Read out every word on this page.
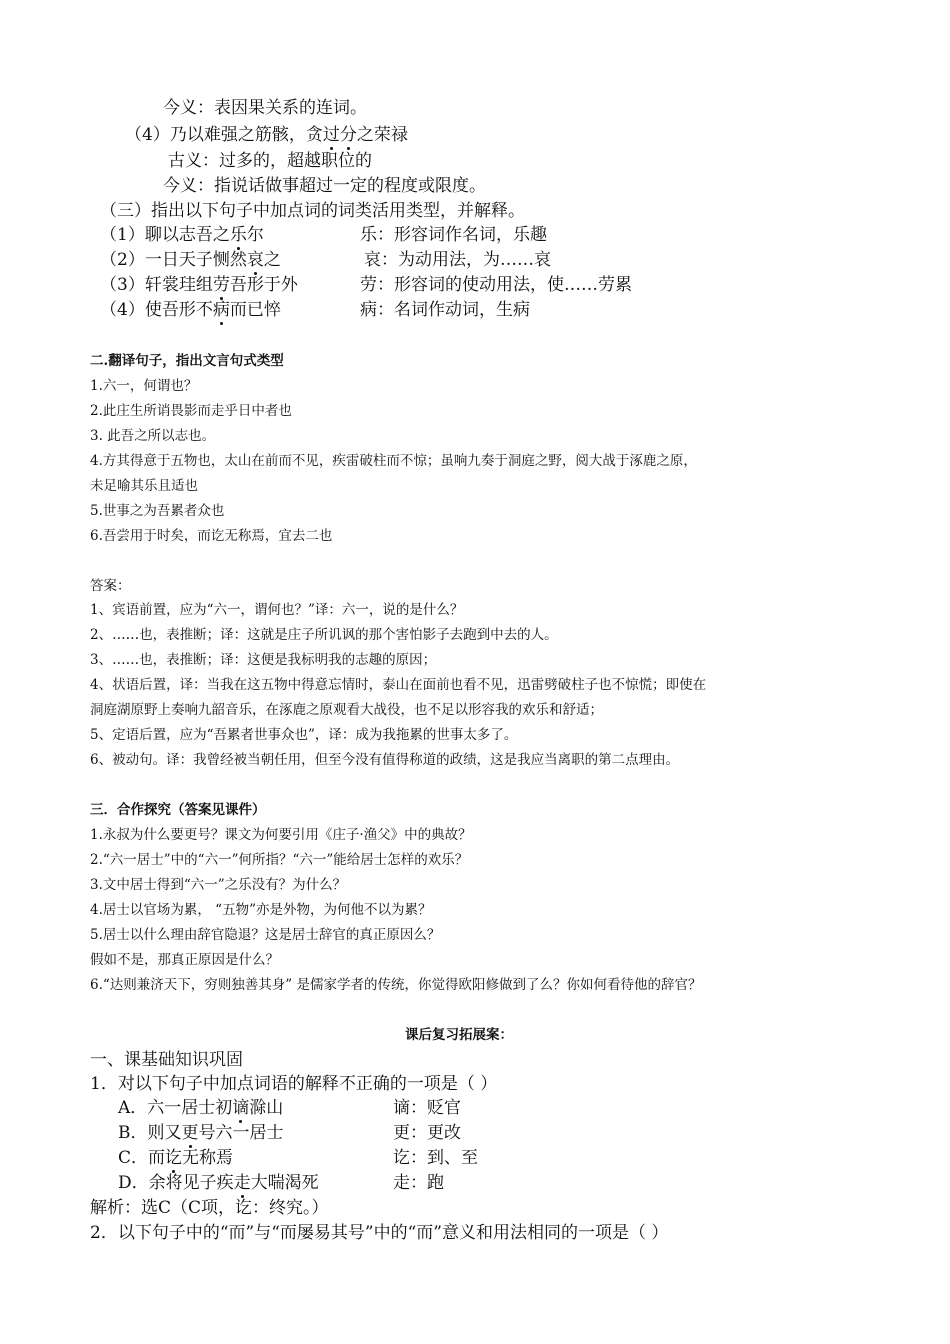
今义：表因果关系的连词。
（4）乃以难强之筋骸，贪过分之荣禄
古义：过多的，超越职位的
今义：指说话做事超过一定的程度或限度。
（三）指出以下句子中加点词的词类活用类型，并解释。
（1）聊以志吾之乐尔	乐：形容词作名词，乐趣
（2）一日天子恻然哀之	哀：为动用法，为……哀
（3）轩裳珪组劳吾形于外	劳：形容词的使动用法，使……劳累
（4）使吾形不病而已悴	病：名词作动词，生病
二.翻译句子，指出文言句式类型
1.六一，何谓也？
2.此庄生所诮畏影而走乎日中者也
3. 此吾之所以志也。
4.方其得意于五物也，太山在前而不见，疾雷破柱而不惊；虽响九奏于洞庭之野，阅大战于涿鹿之原，
未足喻其乐且适也
5.世事之为吾累者众也
6.吾尝用于时矣，而讫无称焉，宜去二也
答案：
1、宾语前置，应为“六一，谓何也？”译：六一，说的是什么？
2、……也，表推断；译：这就是庄子所讥讽的那个害怕影子去跑到中去的人。
3、……也，表推断；译：这便是我标明我的志趣的原因；
4、状语后置，译：当我在这五物中得意忘情时，泰山在面前也看不见，迅雷劈破柱子也不惊慌；即使在
洞庭湖原野上奏响九韶音乐，在涿鹿之原观看大战役，也不足以形容我的欢乐和舒适；
5、定语后置，应为“吾累者世事众也”，译：成为我拖累的世事太多了。
6、被动句。译：我曾经被当朝任用，但至今没有值得称道的政绩，这是我应当离职的第二点理由。
三．合作探究（答案见课件）
1.永叔为什么要更号？课文为何要引用《庄子·渔父》中的典故？
2.“六一居士”中的“六一”何所指？“六一”能给居士怎样的欢乐？
3.文中居士得到“六一”之乐没有？为什么？
4.居士以官场为累， “五物”亦是外物，为何他不以为累？
5.居士以什么理由辞官隐退？这是居士辞官的真正原因么？
假如不是，那真正原因是什么？
6.“达则兼济天下，穷则独善其身” 是儒家学者的传统，你觉得欧阳修做到了么？你如何看待他的辞官？
课后复习拓展案：
一、课基础知识巩固
1．对以下句子中加点词语的解释不正确的一项是（ ）
A．六一居士初谪滁山	谪：贬官
B．则又更号六一居士	更：更改
C．而讫无称焉	讫：到、至
D．余将见子疾走大喘渴死	走：跑
解析：选C（C项，讫：终究。）
2．以下句子中的“而”与“而屡易其号”中的“而”意义和用法相同的一项是（ ）
